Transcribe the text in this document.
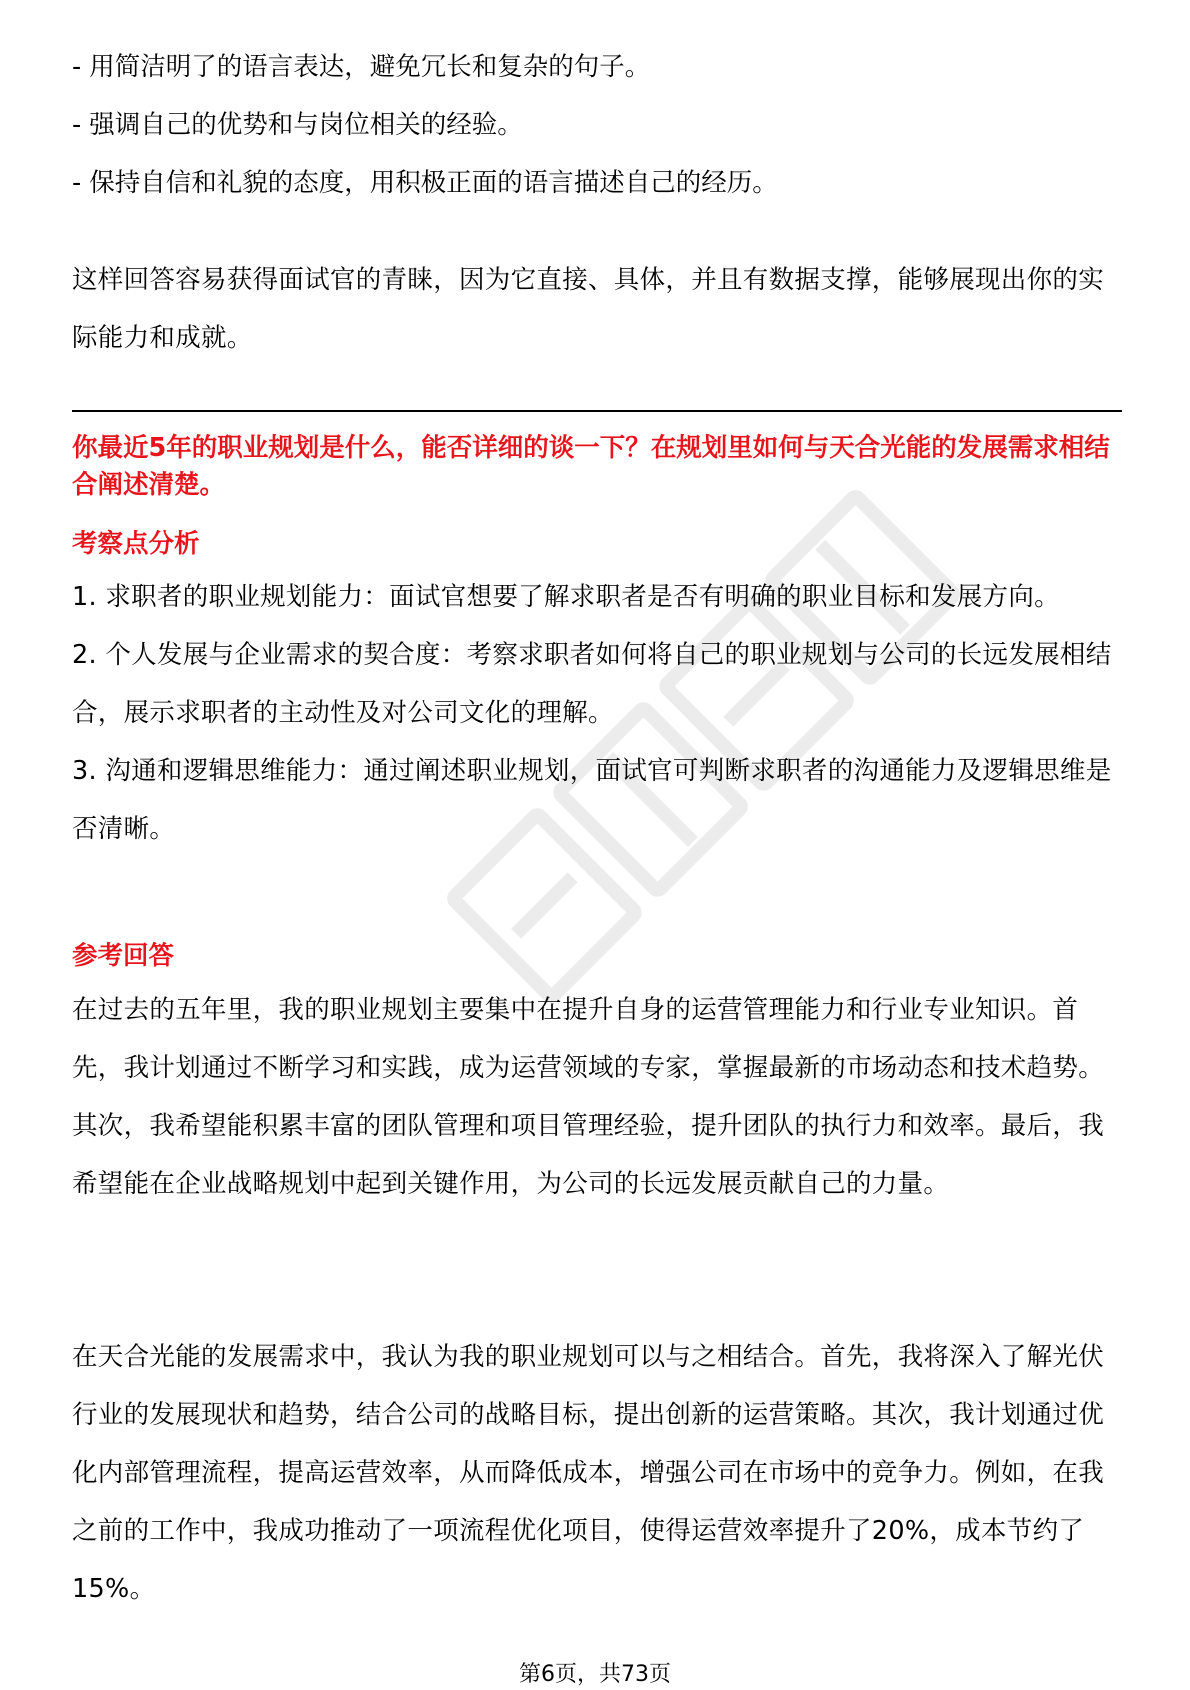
- 用简洁明了的语言表达，避免冗长和复杂的句子。

- 强调自己的优势和与岗位相关的经验。

- 保持自信和礼貌的态度，用积极正面的语言描述自己的经历。

这样回答容易获得面试官的青睐，因为它直接、具体，并且有数据支撑，能够展现出你的实际能力和成就。

你最近5年的职业规划是什么，能否详细的谈一下？在规划里如何与天合光能的发展需求相结合阐述清楚。

考察点分析

1. 求职者的职业规划能力：面试官想要了解求职者是否有明确的职业目标和发展方向。

2. 个人发展与企业需求的契合度：考察求职者如何将自己的职业规划与公司的长远发展相结合，展示求职者的主动性及对公司文化的理解。

3. 沟通和逻辑思维能力：通过阐述职业规划，面试官可判断求职者的沟通能力及逻辑思维是否清晰。

参考回答

在过去的五年里，我的职业规划主要集中在提升自身的运营管理能力和行业专业知识。首先，我计划通过不断学习和实践，成为运营领域的专家，掌握最新的市场动态和技术趋势。其次，我希望能积累丰富的团队管理和项目管理经验，提升团队的执行力和效率。最后，我希望能在企业战略规划中起到关键作用，为公司的长远发展贡献自己的力量。

在天合光能的发展需求中，我认为我的职业规划可以与之相结合。首先，我将深入了解光伏行业的发展现状和趋势，结合公司的战略目标，提出创新的运营策略。其次，我计划通过优化内部管理流程，提高运营效率，从而降低成本，增强公司在市场中的竞争力。例如，在我之前的工作中，我成功推动了一项流程优化项目，使得运营效率提升了20%，成本节约了15%。

第6页，共73页
